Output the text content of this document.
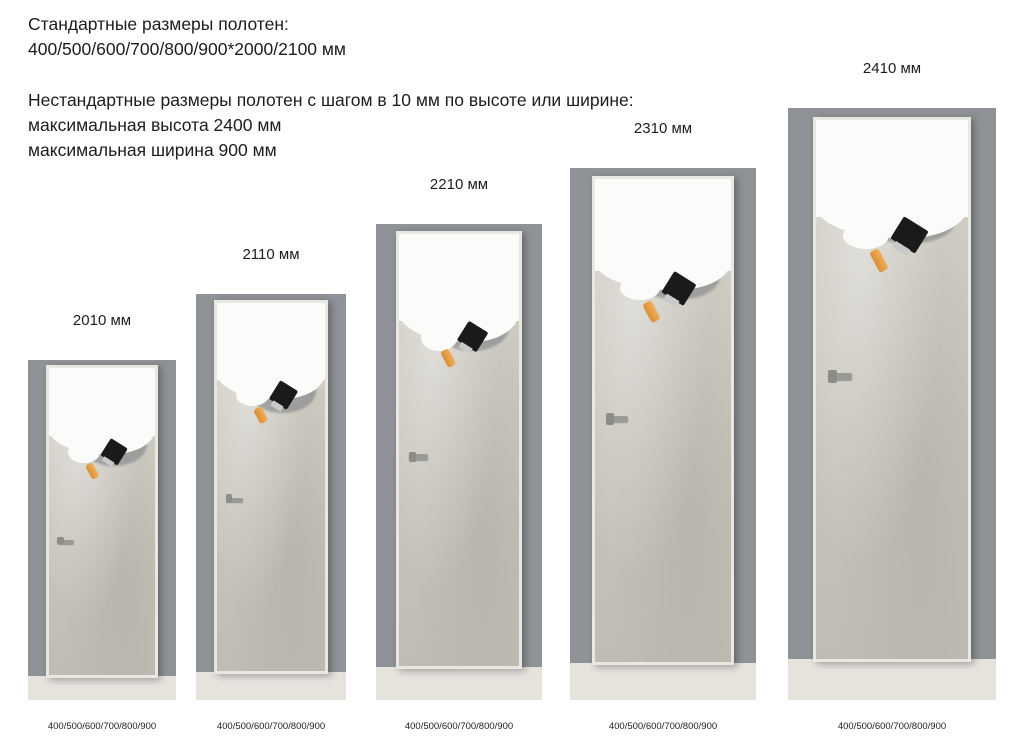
Стандартные размеры полотен:
400/500/600/700/800/900*2000/2100 мм
Нестандартные размеры полотен с шагом в 10 мм по высоте или ширине:
максимальная высота 2400 мм
максимальная ширина 900 мм
2010 мм
400/500/600/700/800/900
2110 мм
400/500/600/700/800/900
2210 мм
400/500/600/700/800/900
2310 мм
400/500/600/700/800/900
2410 мм
400/500/600/700/800/900
